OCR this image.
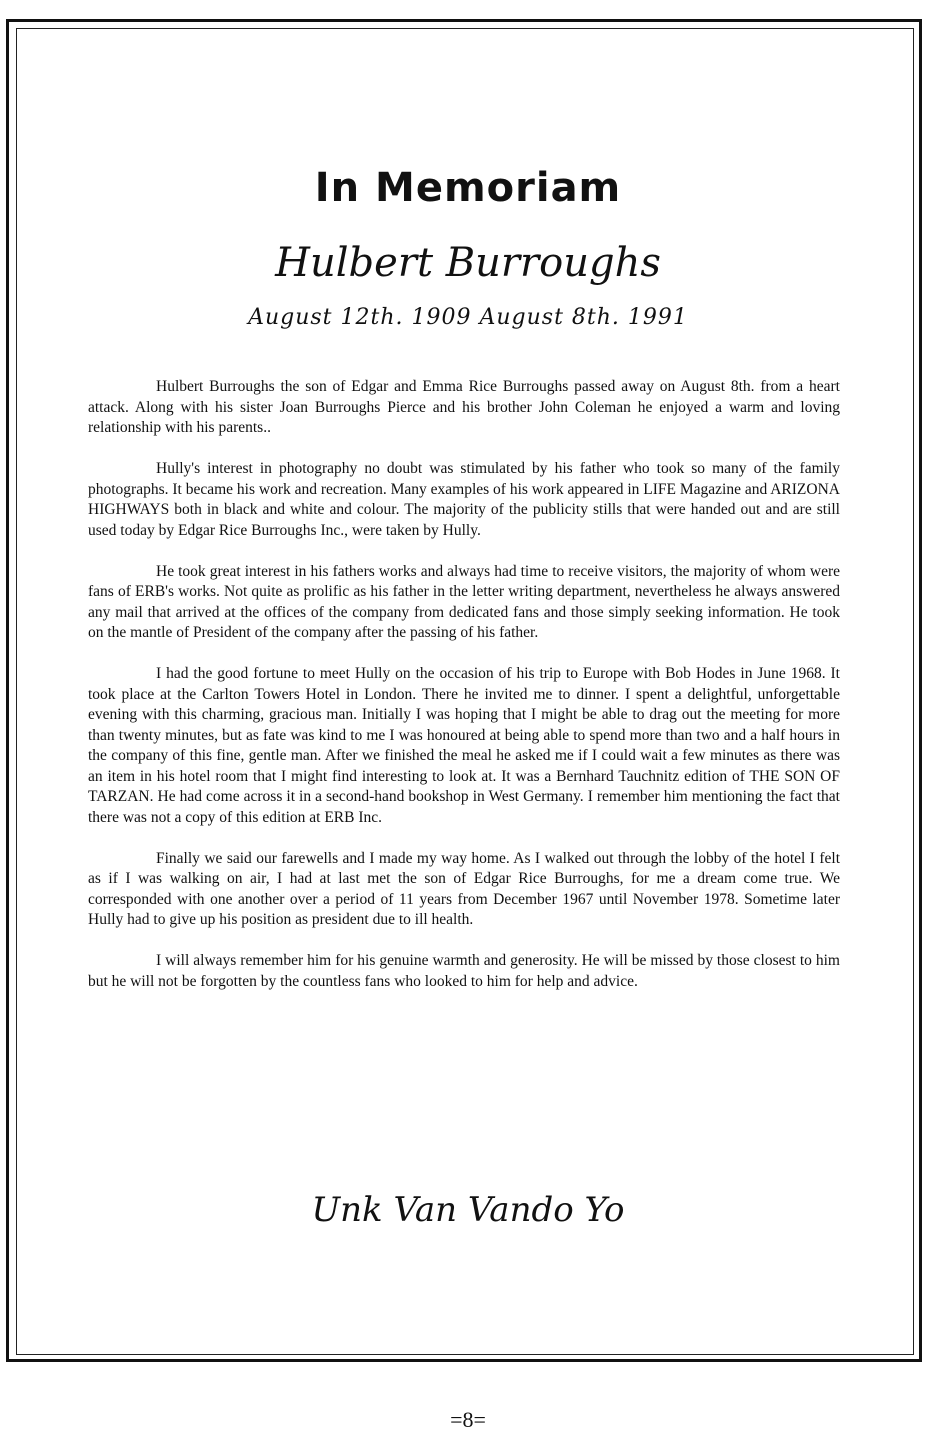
In Memoriam
Hulbert Burroughs
August 12th. 1909 August 8th. 1991

Hulbert Burroughs the son of Edgar and Emma Rice Burroughs passed away on August 8th. from a heart attack. Along with his sister Joan Burroughs Pierce and his brother John Coleman he enjoyed a warm and loving relationship with his parents..

Hully's interest in photography no doubt was stimulated by his father who took so many of the family photographs. It became his work and recreation. Many examples of his work appeared in LIFE Magazine and ARIZONA HIGHWAYS both in black and white and colour. The majority of the publicity stills that were handed out and are still used today by Edgar Rice Burroughs Inc., were taken by Hully.

He took great interest in his fathers works and always had time to receive visitors, the majority of whom were fans of ERB's works. Not quite as prolific as his father in the letter writing department, nevertheless he always answered any mail that arrived at the offices of the company from dedicated fans and those simply seeking information. He took on the mantle of President of the company after the passing of his father.

I had the good fortune to meet Hully on the occasion of his trip to Europe with Bob Hodes in June 1968. It took place at the Carlton Towers Hotel in London. There he invited me to dinner. I spent a delightful, unforgettable evening with this charming, gracious man. Initially I was hoping that I might be able to drag out the meeting for more than twenty minutes, but as fate was kind to me I was honoured at being able to spend more than two and a half hours in the company of this fine, gentle man. After we finished the meal he asked me if I could wait a few minutes as there was an item in his hotel room that I might find interesting to look at. It was a Bernhard Tauchnitz edition of THE SON OF TARZAN. He had come across it in a second-hand bookshop in West Germany. I remember him mentioning the fact that there was not a copy of this edition at ERB Inc.

Finally we said our farewells and I made my way home. As I walked out through the lobby of the hotel I felt as if I was walking on air, I had at last met the son of Edgar Rice Burroughs, for me a dream come true. We corresponded with one another over a period of 11 years from December 1967 until November 1978. Sometime later Hully had to give up his position as president due to ill health.

I will always remember him for his genuine warmth and generosity. He will be missed by those closest to him but he will not be forgotten by the countless fans who looked to him for help and advice.

Unk Van Vando Yo
=8=
